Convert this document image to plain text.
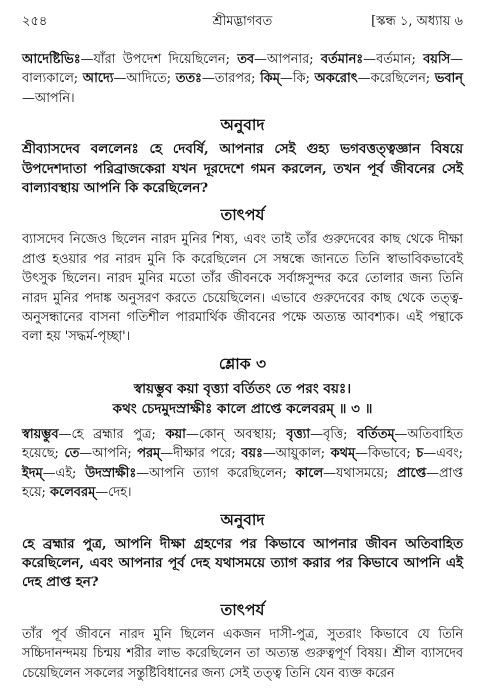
২৫৪	শ্রীমদ্ভাগবত	[স্কন্ধ ১, অধ্যায় ৬

আদেষ্টিভিঃ—যাঁরা উপদেশ দিয়েছিলেন; তব—আপনার; বর্তমানঃ—বর্তমান; বয়সি—বাল্যকালে; আদ্যে—আদিতে; ততঃ—তারপর; কিম্—কি; অকরোৎ—করেছিলেন; ভবান্—আপনি।

অনুবাদ

শ্রীব্যাসদেব বললেনঃ হে দেবর্ষি, আপনার সেই গুহ্য ভগবত্তত্ত্বজ্ঞান বিষয়ে উপদেশদাতা পরিব্রাজকেরা যখন দূরদেশে গমন করলেন, তখন পূর্ব জীবনের সেই বাল্যাবস্থায় আপনি কি করেছিলেন?

তাৎপর্য

ব্যাসদেব নিজেও ছিলেন নারদ মুনির শিষ্য, এবং তাই তাঁর গুরুদেবের কাছ থেকে দীক্ষা প্রাপ্ত হওয়ার পর নারদ মুনি কি করেছিলেন সে সম্বন্ধে জানতে তিনি স্বাভাবিকভাবেই উৎসুক ছিলেন। নারদ মুনির মতো তাঁর জীবনকে সর্বাঙ্গসুন্দর করে তোলার জন্য তিনি নারদ মুনির পদাঙ্ক অনুসরণ করতে চেয়েছিলেন। এভাবে গুরুদেবের কাছ থেকে তত্ত্ব-অনুসন্ধানের বাসনা গতিশীল পারমার্থিক জীবনের পক্ষে অত্যন্ত আবশ্যক। এই পন্থাকে বলা হয় 'সদ্ধর্ম-পৃচ্ছা'।

শ্লোক ৩

স্বায়ম্ভুব কয়া বৃত্ত্যা বর্তিতং তে পরং বয়ঃ।

কথং চেদমুদস্রাক্ষীঃ কালে প্রাপ্তে কলেবরম্ ॥ ৩ ॥

স্বায়ম্ভুব—হে ব্রহ্মার পুত্র; কয়া—কোন্ অবস্থায়; বৃত্ত্যা—বৃত্তি; বর্তিতম্—অতিবাহিত হয়েছে; তে—আপনি; পরম্—দীক্ষার পরে; বয়ঃ—আয়ুকাল; কথম্—কিভাবে; চ—এবং; ইদম্—এই; উদস্রাক্ষীঃ—আপনি ত্যাগ করেছিলেন; কালে—যথাসময়ে; প্রাপ্তে—প্রাপ্ত হয়ে; কলেবরম্—দেহ।

অনুবাদ

হে ব্রহ্মার পুত্র, আপনি দীক্ষা গ্রহণের পর কিভাবে আপনার জীবন অতিবাহিত করেছিলেন, এবং আপনার পূর্ব দেহ যথাসময়ে ত্যাগ করার পর কিভাবে আপনি এই দেহ প্রাপ্ত হন?

তাৎপর্য

তাঁর পূর্ব জীবনে নারদ মুনি ছিলেন একজন দাসী-পুত্র, সুতরাং কিভাবে যে তিনি সচ্চিদানন্দময় চিন্ময় শরীর লাভ করেছিলেন তা অত্যন্ত গুরুত্বপূর্ণ বিষয়। শ্রীল ব্যাসদেব চেয়েছিলেন সকলের সন্তুষ্টিবিধানের জন্য সেই তত্ত্ব তিনি যেন ব্যক্ত করেন
